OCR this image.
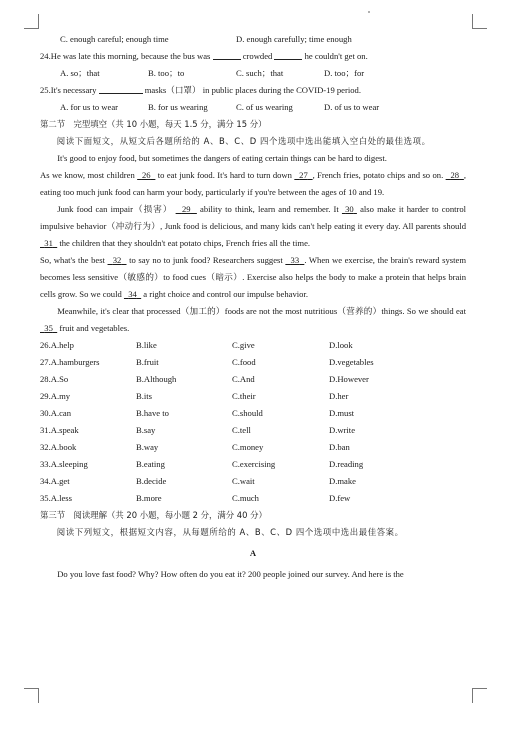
C. enough careful; enough time	D. enough carefully; time enough
24.He was late this morning, because the bus was	crowded	he couldn't get on.
A. so；that	B. too；to	C. such；that	D. too；for
25.It's necessary	masks（口罩） in public places during the COVID-19 period.
A. for us to wear	B. for us wearing	C. of us wearing	D. of us to wear
第二节　完型填空（共 10 小题，每天 1.5 分，满分 15 分）
阅读下面短文，从短文后各题所给的 A、B、C、D 四个选项中选出能填入空白处的最佳选项。
It's good to enjoy food, but sometimes the dangers of eating certain things can be hard to digest.
As we know, most children 26 to eat junk food. It's hard to turn down 27 , French fries, potato chips and so on. 28 , eating too much junk food can harm your body, particularly if you're between the ages of 10 and 19.
Junk food can impair（损害） 29 ability to think, learn and remember. It 30 also make it harder to control impulsive behavior（冲动行为）, Junk food is delicious, and many kids can't help eating it every day. All parents should   31 the children that they shouldn't eat potato chips, French fries all the time.
So, what's the best 32 to say no to junk food? Researchers suggest 33 . When we exercise, the brain's reward system becomes less sensitive（敏感的）to food cues（暗示）. Exercise also helps the body to make a protein that helps brain cells grow. So we could 34 a right choice and control our impulse behavior.
Meanwhile, it's clear that processed（加工的）foods are not the most nutritious（营养的）things. So we should eat   35 fruit and vegetables.
26.A.help	B.like	C.give	D.look
27.A.hamburgers	B.fruit	C.food	D.vegetables
28.A.So	B.Although	C.And	D.However
29.A.my	B.its	C.their	D.her
30.A.can	B.have to	C.should	D.must
31.A.speak	B.say	C.tell	D.write
32.A.book	B.way	C.money	D.ban
33.A.sleeping	B.eating	C.exercising	D.reading
34.A.get	B.decide	C.wait	D.make
35.A.less	B.more	C.much	D.few
第三节　阅读理解（共 20 小题，每小题 2 分，满分 40 分）
阅读下列短文，根据短文内容，从每题所给的 A、B、C、D 四个选项中选出最佳答案。
A
Do you love fast food? Why? How often do you eat it? 200 people joined our survey. And here is the
